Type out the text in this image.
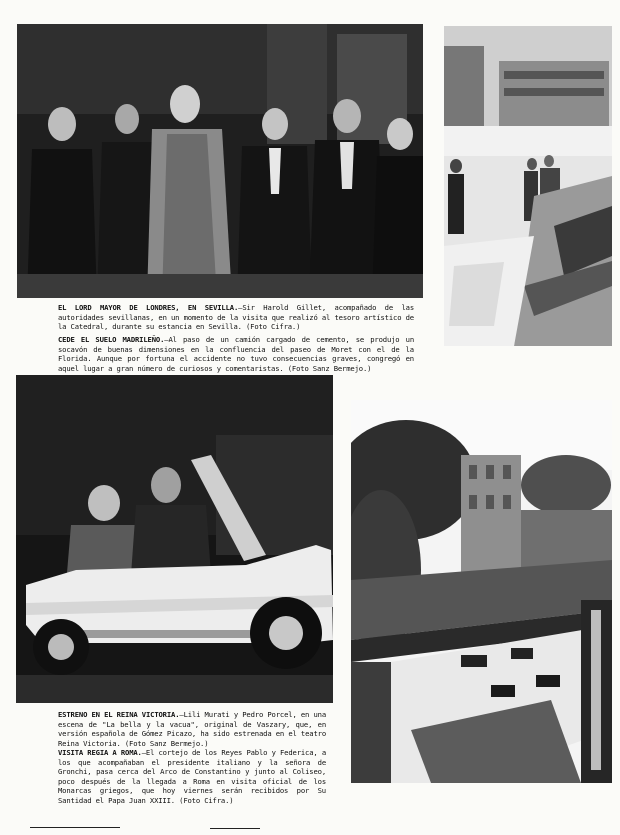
EL LORD MAYOR DE LONDRES, EN SEVILLA.—Sir Harold Gillet, acompañado de las autoridades sevillanas, en un momento de la visita que realizó al tesoro artístico de la Catedral, durante su estancia en Sevilla. (Foto Cifra.)

CEDE EL SUELO MADRILEÑO.—Al paso de un camión cargado de cemento, se produjo un socavón de buenas dimensiones en la confluencia del paseo de Moret con el de la Florida. Aunque por fortuna el accidente no tuvo consecuencias graves, congregó en aquel lugar a gran número de curiosos y comentaristas. (Foto Sanz Bermejo.)

ESTRENO EN EL REINA VICTORIA.—Lili Murati y Pedro Porcel, en una escena de "La bella y la vacua", original de Vaszary, que, en versión española de Gómez Picazo, ha sido estrenada en el teatro Reina Victoria. (Foto Sanz Bermejo.)

VISITA REGIA A ROMA.—El cortejo de los Reyes Pablo y Federica, a los que acompañaban el presidente italiano y la señora de Gronchi, pasa cerca del Arco de Constantino y junto al Coliseo, poco después de la llegada a Roma en visita oficial de los Monarcas griegos, que hoy viernes serán recibidos por Su Santidad el Papa Juan XXIII. (Foto Cifra.)
